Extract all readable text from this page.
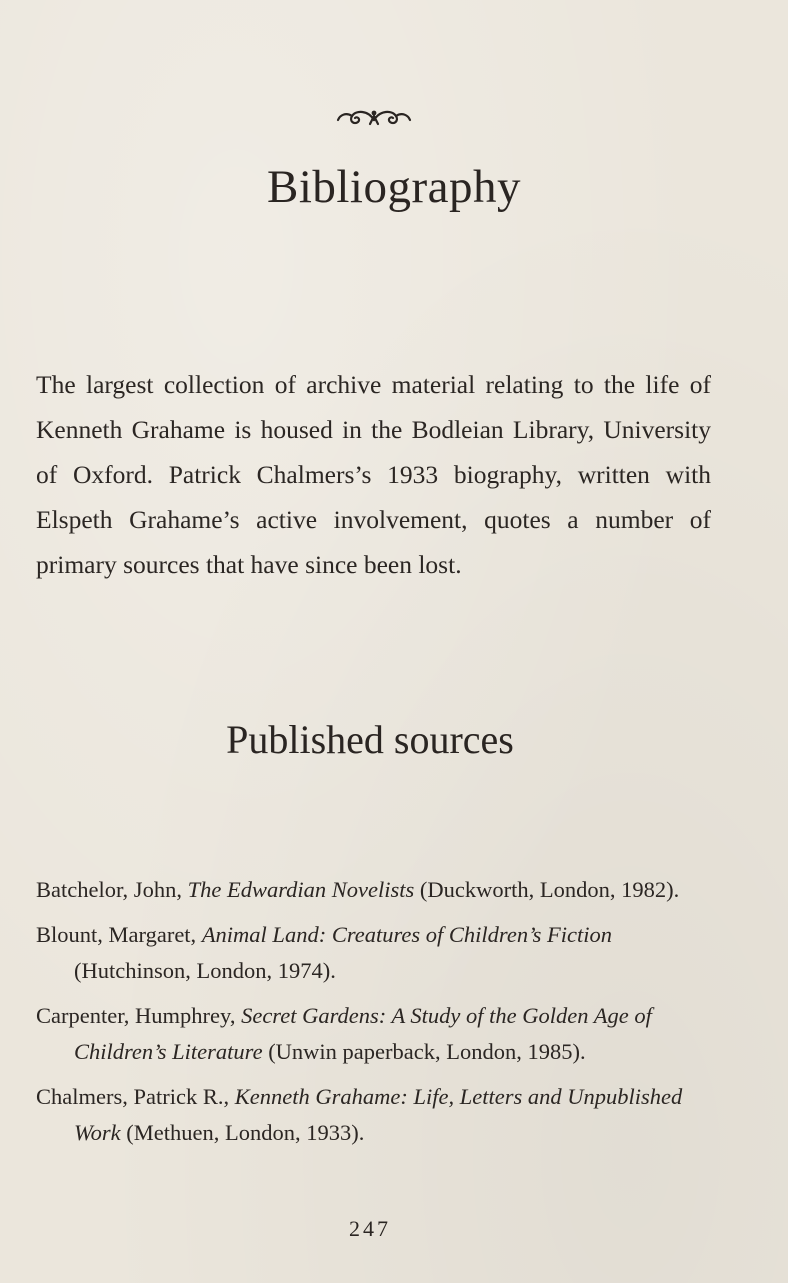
Bibliography

The largest collection of archive material relating to the life of Kenneth Grahame is housed in the Bodleian Library, University of Oxford. Patrick Chalmers’s 1933 biography, written with Elspeth Grahame’s active involvement, quotes a number of primary sources that have since been lost.

Published sources
Batchelor, John, The Edwardian Novelists (Duckworth, London, 1982).
Blount, Margaret, Animal Land: Creatures of Children’s Fiction (Hutchinson, London, 1974).
Carpenter, Humphrey, Secret Gardens: A Study of the Golden Age of Children’s Literature (Unwin paperback, London, 1985).
Chalmers, Patrick R., Kenneth Grahame: Life, Letters and Unpublished Work (Methuen, London, 1933).
247
